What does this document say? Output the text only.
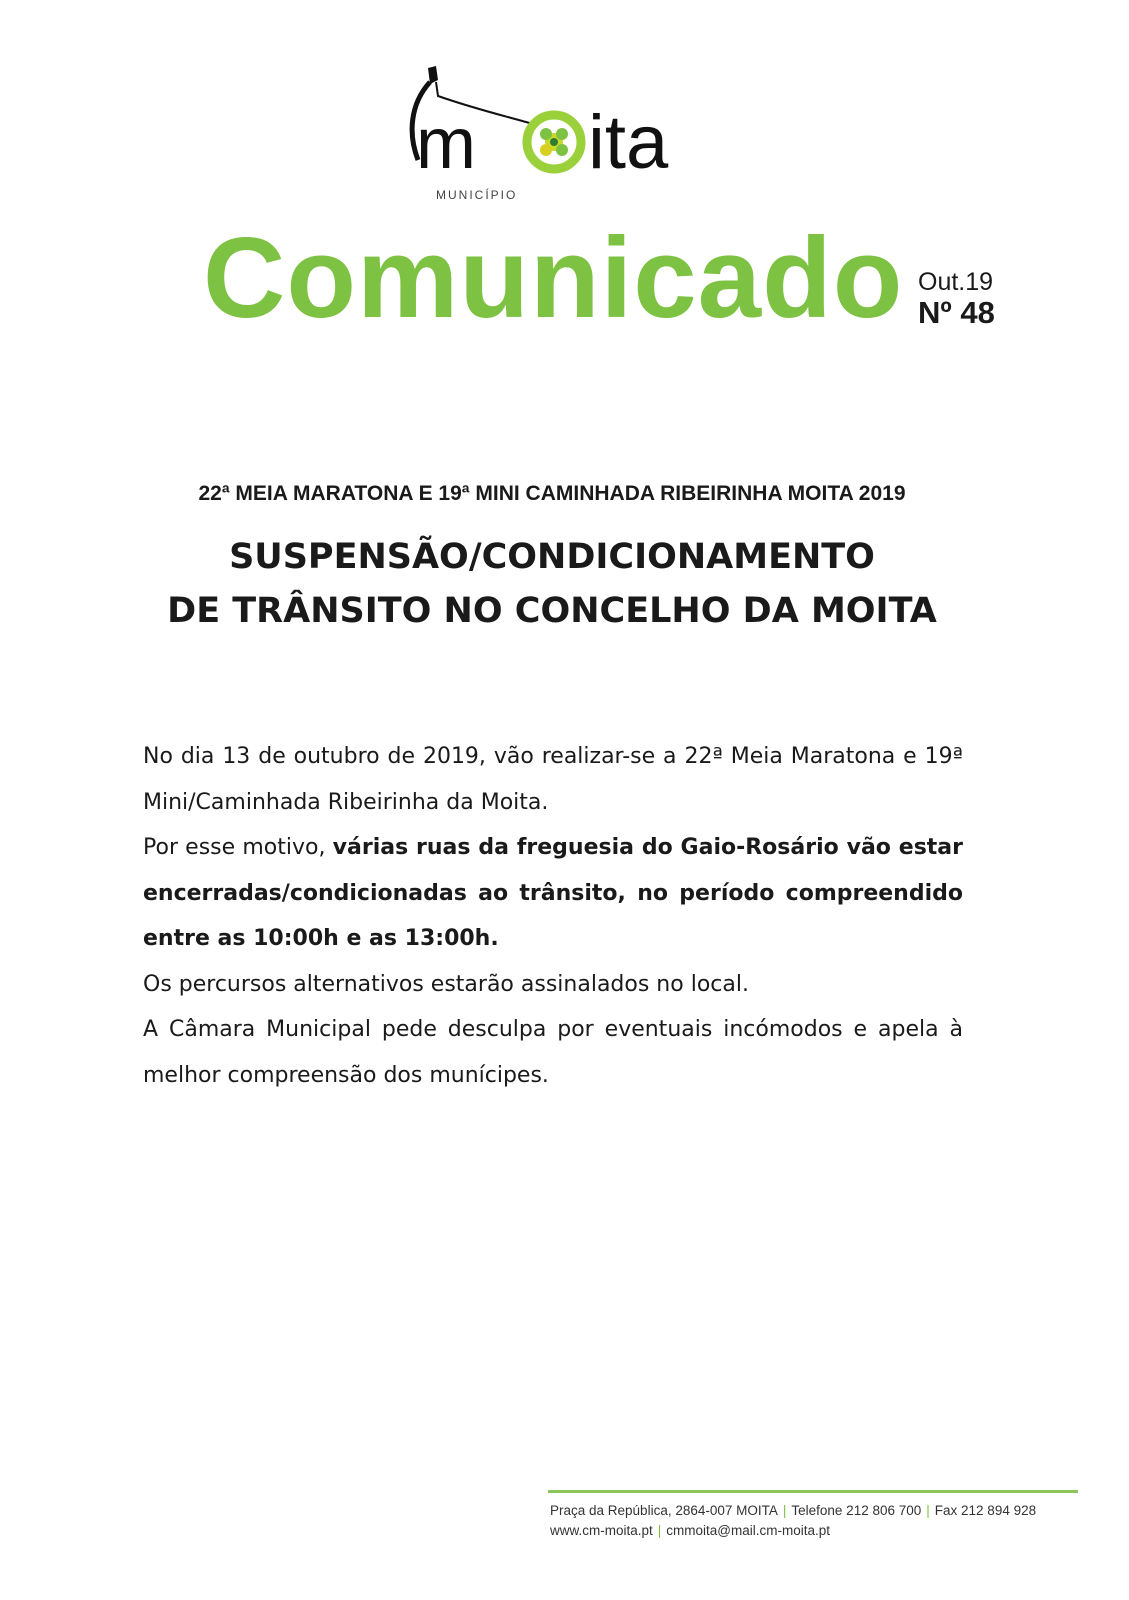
m ita
MUNICÍPIO
Comunicado Out.19
Nº 48
22ª MEIA MARATONA E 19ª MINI CAMINHADA RIBEIRINHA MOITA 2019
SUSPENSÃO/CONDICIONAMENTO
DE TRÂNSITO NO CONCELHO DA MOITA

No dia 13 de outubro de 2019, vão realizar-se a 22ª Meia Maratona e 19ª Mini/Caminhada Ribeirinha da Moita.

Por esse motivo, várias ruas da freguesia do Gaio-Rosário vão estar encerradas/condicionadas ao trânsito, no período compreendido entre as 10:00h e as 13:00h.

Os percursos alternativos estarão assinalados no local.

A Câmara Municipal pede desculpa por eventuais incómodos e apela à melhor compreensão dos munícipes.

Praça da República, 2864-007 MOITA | Telefone 212 806 700 | Fax 212 894 928
www.cm-moita.pt | cmmoita@mail.cm-moita.pt
